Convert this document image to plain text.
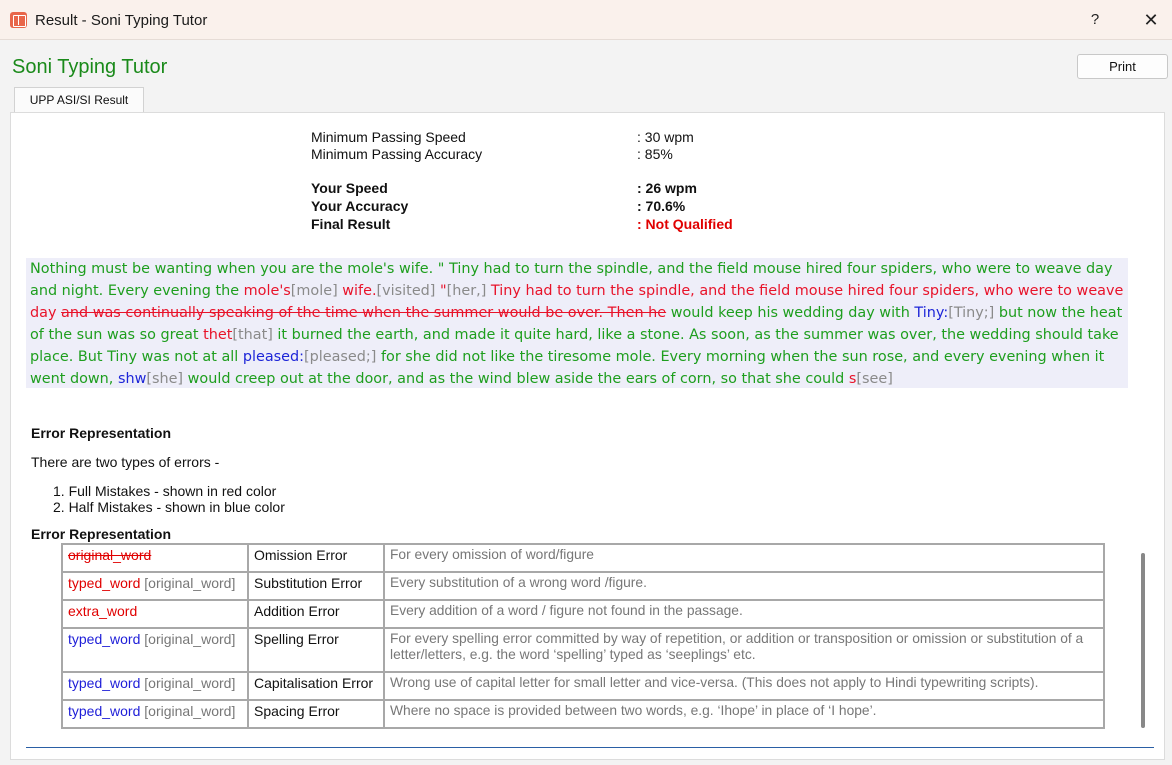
Result - Soni Typing Tutor	?	✕
Soni Typing Tutor	Print
UPP ASI/SI Result
Minimum Passing Speed	: 30 wpm
Minimum Passing Accuracy	: 85%
Your Speed	: 26 wpm
Your Accuracy	: 70.6%
Final Result	: Not Qualified
Nothing must be wanting when you are the mole's wife. " Tiny had to turn the spindle, and the field mouse hired four spiders, who were to weave day and night. Every evening the mole's[mole] wife.[visited] "[her,] Tiny had to turn the spindle, and the field mouse hired four spiders, who were to weave day and was continually speaking of the time when the summer would be over. Then he would keep his wedding day with Tiny:[Tiny;] but now the heat of the sun was so great thet[that] it burned the earth, and made it quite hard, like a stone. As soon, as the summer was over, the wedding should take place. But Tiny was not at all pleased:[pleased;] for she did not like the tiresome mole. Every morning when the sun rose, and every evening when it went down, shw[she] would creep out at the door, and as the wind blew aside the ears of corn, so that she could s[see]
Error Representation
There are two types of errors -
1. Full Mistakes - shown in red color
2. Half Mistakes - shown in blue color
Error Representation
original_word	Omission Error	For every omission of word/figure
typed_word [original_word]	Substitution Error	Every substitution of a wrong word /figure.
extra_word	Addition Error	Every addition of a word / figure not found in the passage.
typed_word [original_word]	Spelling Error	For every spelling error committed by way of repetition, or addition or transposition or omission or substitution of a letter/letters, e.g. the word ‘spelling’ typed as ‘seeplings’ etc.
typed_word [original_word]	Capitalisation Error	Wrong use of capital letter for small letter and vice-versa. (This does not apply to Hindi typewriting scripts).
typed_word [original_word]	Spacing Error	Where no space is provided between two words, e.g. ‘Ihope’ in place of ‘I hope’.
